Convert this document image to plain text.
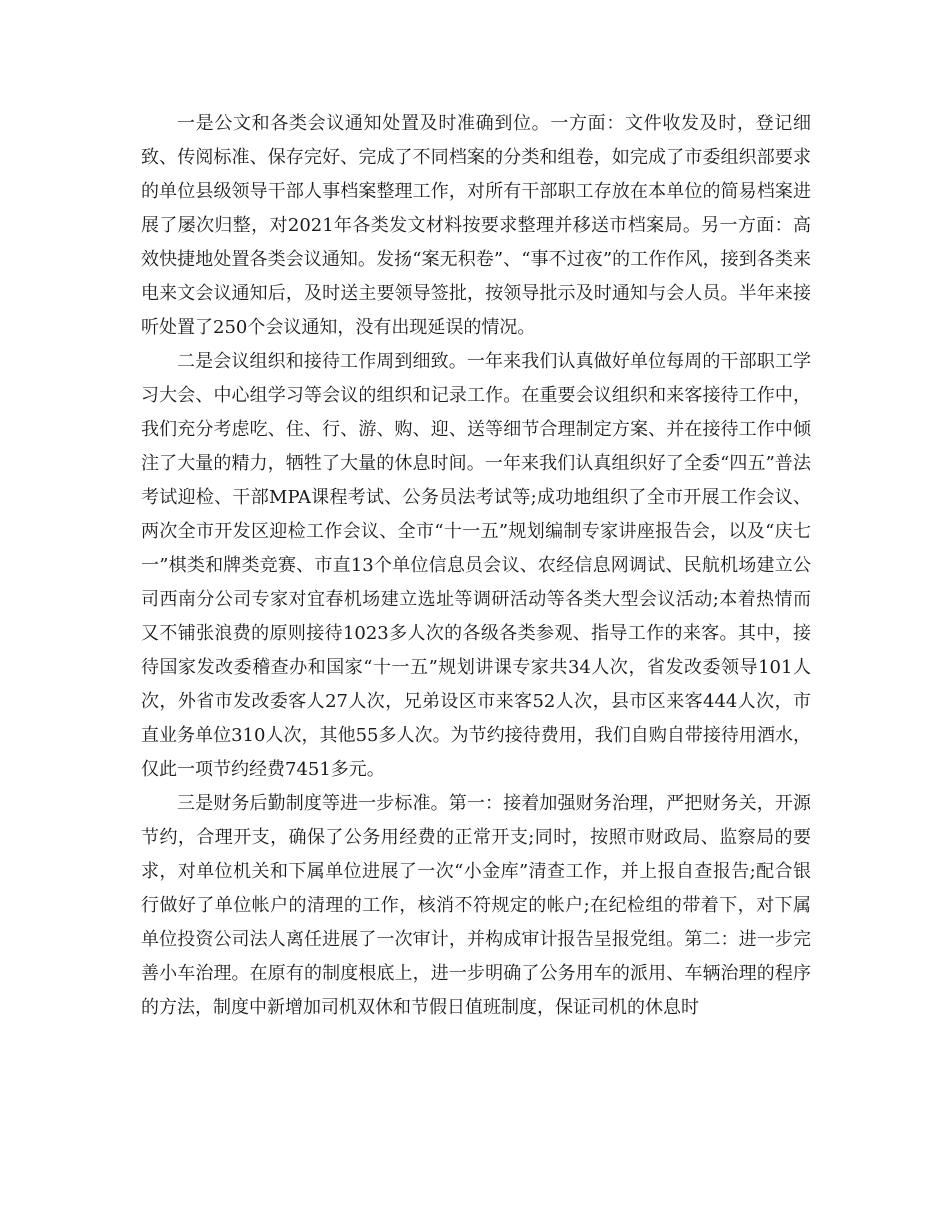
一是公文和各类会议通知处置及时准确到位。一方面：文件收发及时，登记细致、传阅标准、保存完好、完成了不同档案的分类和组卷，如完成了市委组织部要求的单位县级领导干部人事档案整理工作，对所有干部职工存放在本单位的简易档案进展了屡次归整，对2021年各类发文材料按要求整理并移送市档案局。另一方面：高效快捷地处置各类会议通知。发扬“案无积卷”、“事不过夜”的工作作风，接到各类来电来文会议通知后，及时送主要领导签批，按领导批示及时通知与会人员。半年来接听处置了250个会议通知，没有出现延误的情况。

二是会议组织和接待工作周到细致。一年来我们认真做好单位每周的干部职工学习大会、中心组学习等会议的组织和记录工作。在重要会议组织和来客接待工作中，我们充分考虑吃、住、行、游、购、迎、送等细节合理制定方案、并在接待工作中倾注了大量的精力，牺牲了大量的休息时间。一年来我们认真组织好了全委“四五”普法考试迎检、干部MPA课程考试、公务员法考试等;成功地组织了全市开展工作会议、两次全市开发区迎检工作会议、全市“十一五”规划编制专家讲座报告会，以及“庆七一”棋类和牌类竞赛、市直13个单位信息员会议、农经信息网调试、民航机场建立公司西南分公司专家对宜春机场建立选址等调研活动等各类大型会议活动;本着热情而又不铺张浪费的原则接待1023多人次的各级各类参观、指导工作的来客。其中，接待国家发改委稽查办和国家“十一五”规划讲课专家共34人次，省发改委领导101人次，外省市发改委客人27人次，兄弟设区市来客52人次，县市区来客444人次，市直业务单位310人次，其他55多人次。为节约接待费用，我们自购自带接待用酒水，仅此一项节约经费7451多元。

三是财务后勤制度等进一步标准。第一：接着加强财务治理，严把财务关，开源节约，合理开支，确保了公务用经费的正常开支;同时，按照市财政局、监察局的要求，对单位机关和下属单位进展了一次“小金库”清查工作，并上报自查报告;配合银行做好了单位帐户的清理的工作，核消不符规定的帐户;在纪检组的带着下，对下属单位投资公司法人离任进展了一次审计，并构成审计报告呈报党组。第二：进一步完善小车治理。在原有的制度根底上，进一步明确了公务用车的派用、车辆治理的程序的方法，制度中新增加司机双休和节假日值班制度，保证司机的休息时
